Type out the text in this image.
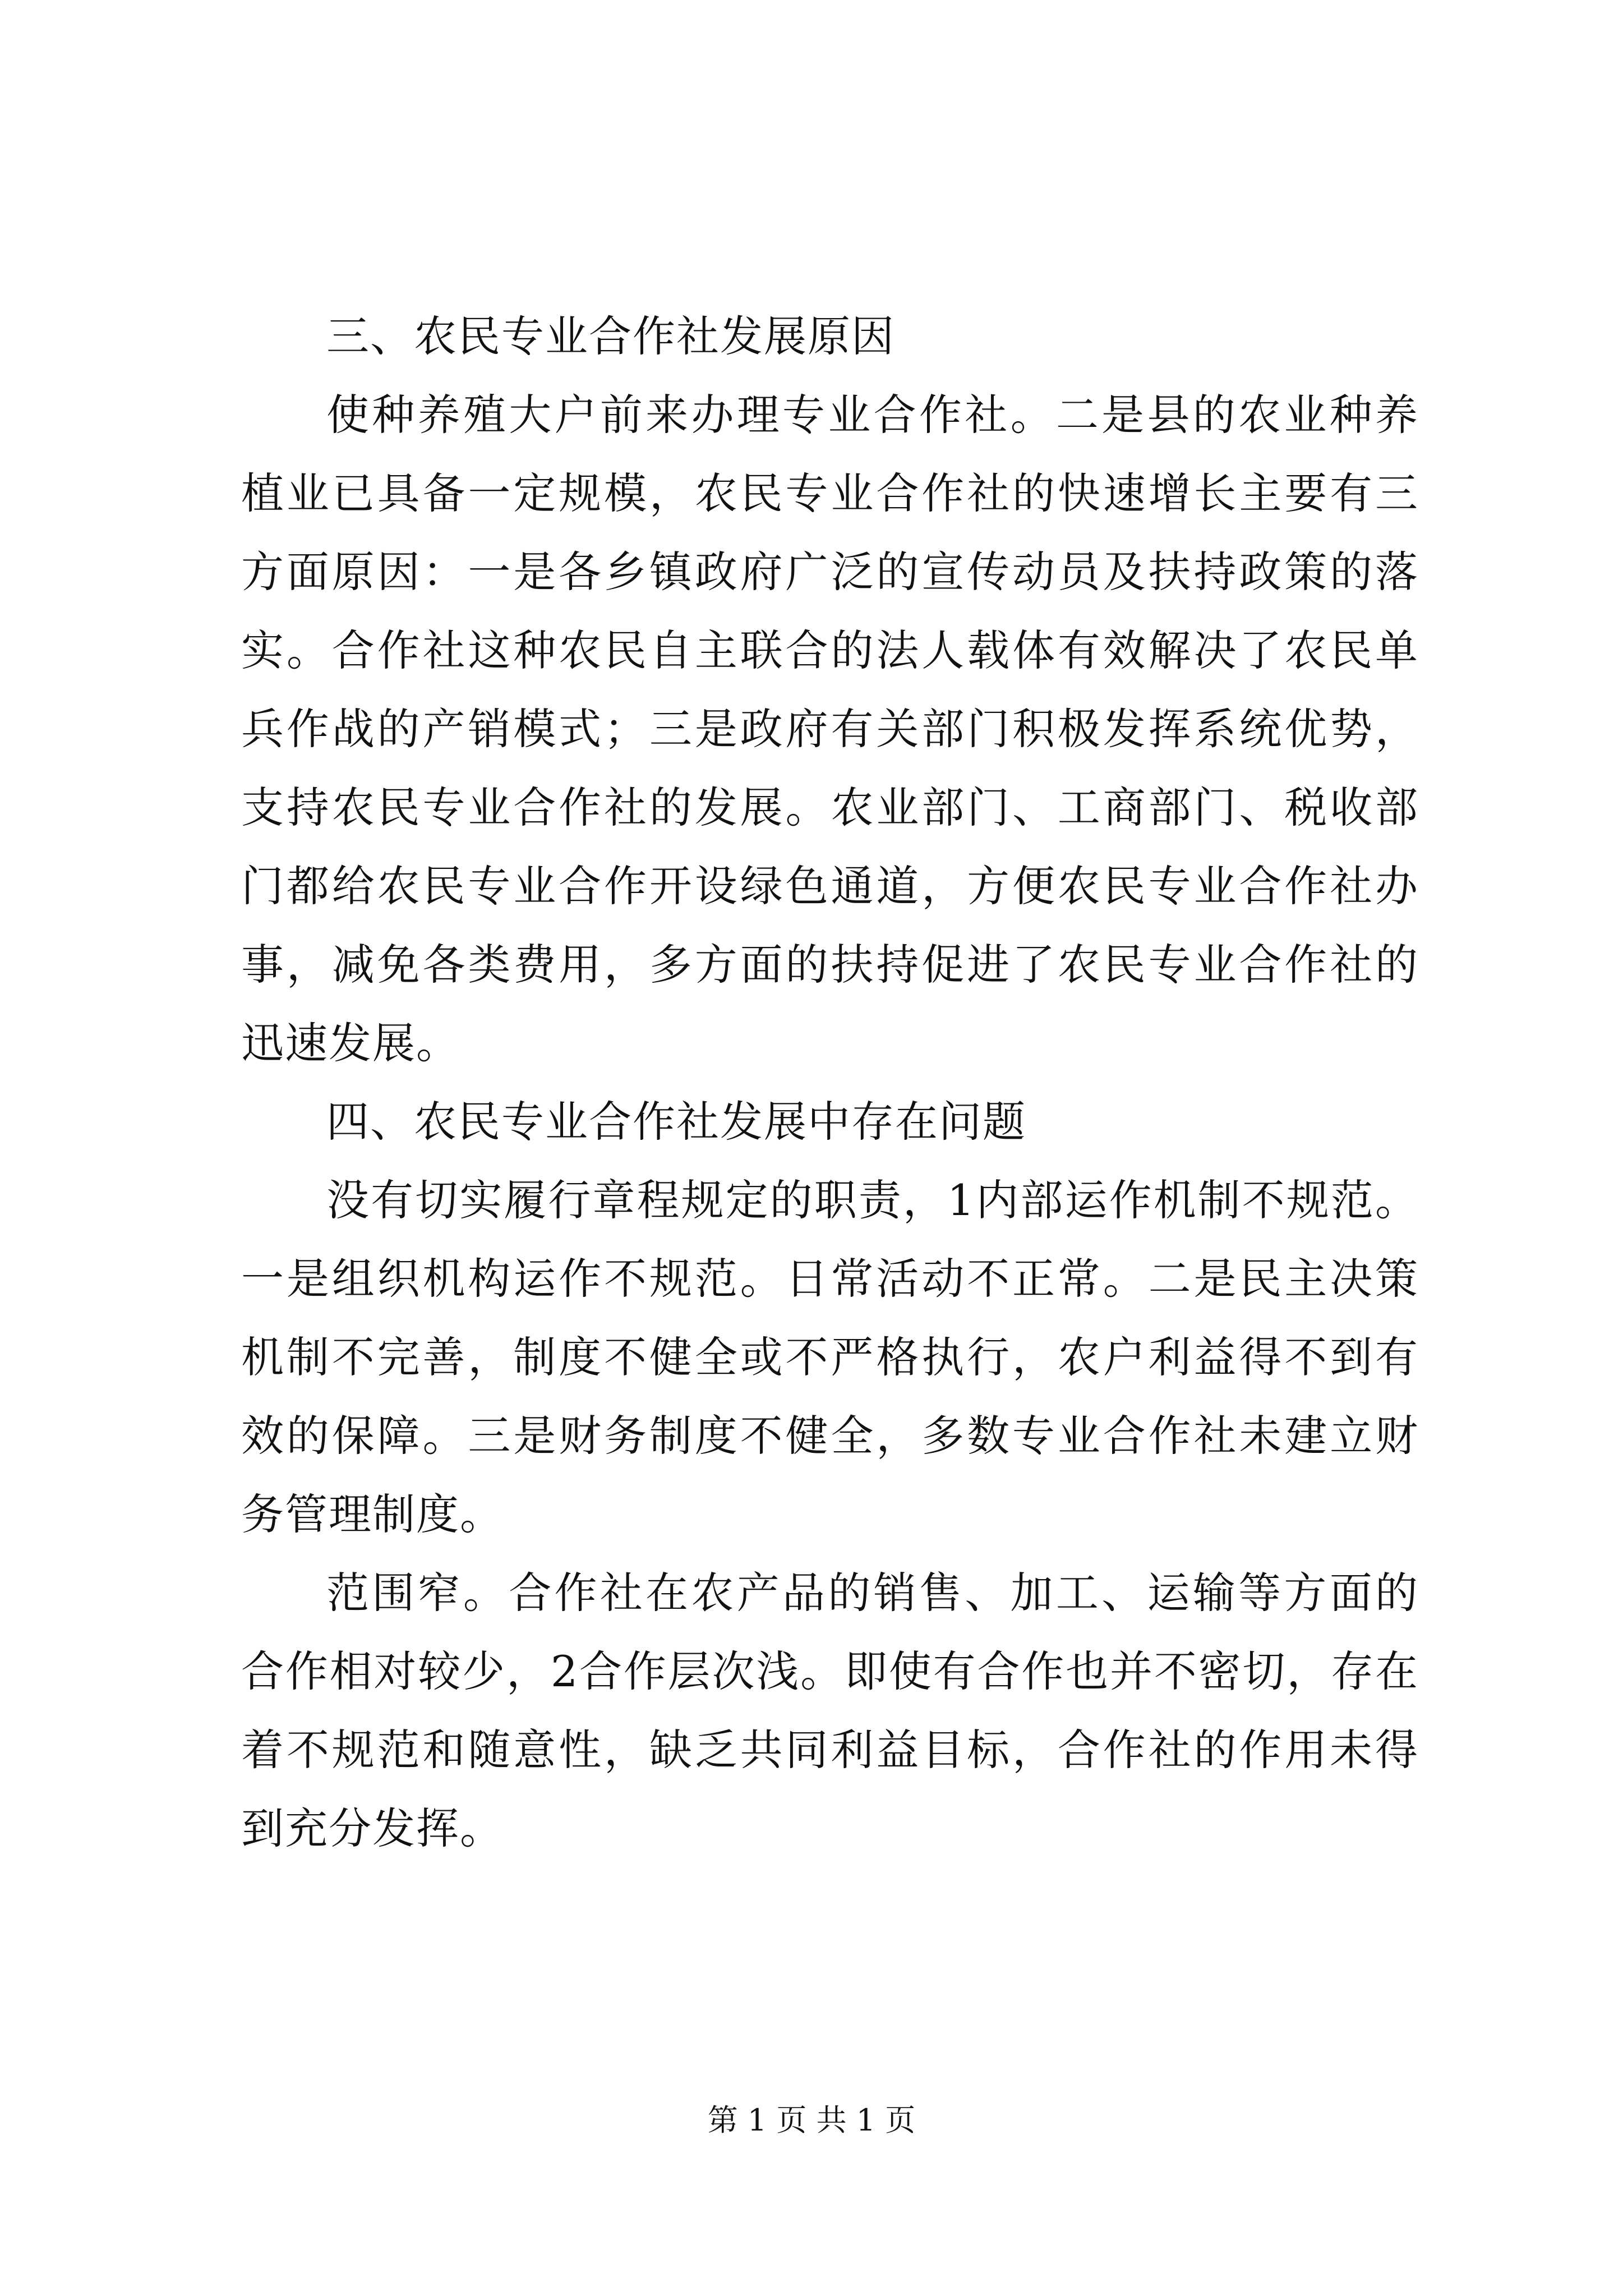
三、农民专业合作社发展原因

使种养殖大户前来办理专业合作社。二是县的农业种养植业已具备一定规模，农民专业合作社的快速增长主要有三方面原因：一是各乡镇政府广泛的宣传动员及扶持政策的落实。合作社这种农民自主联合的法人载体有效解决了农民单兵作战的产销模式；三是政府有关部门积极发挥系统优势，支持农民专业合作社的发展。农业部门、工商部门、税收部门都给农民专业合作开设绿色通道，方便农民专业合作社办事，减免各类费用，多方面的扶持促进了农民专业合作社的迅速发展。

四、农民专业合作社发展中存在问题

没有切实履行章程规定的职责，1内部运作机制不规范。一是组织机构运作不规范。日常活动不正常。二是民主决策机制不完善，制度不健全或不严格执行，农户利益得不到有效的保障。三是财务制度不健全，多数专业合作社未建立财务管理制度。

范围窄。合作社在农产品的销售、加工、运输等方面的合作相对较少，2合作层次浅。即使有合作也并不密切，存在着不规范和随意性，缺乏共同利益目标，合作社的作用未得到充分发挥。

第 1 页 共 1 页
